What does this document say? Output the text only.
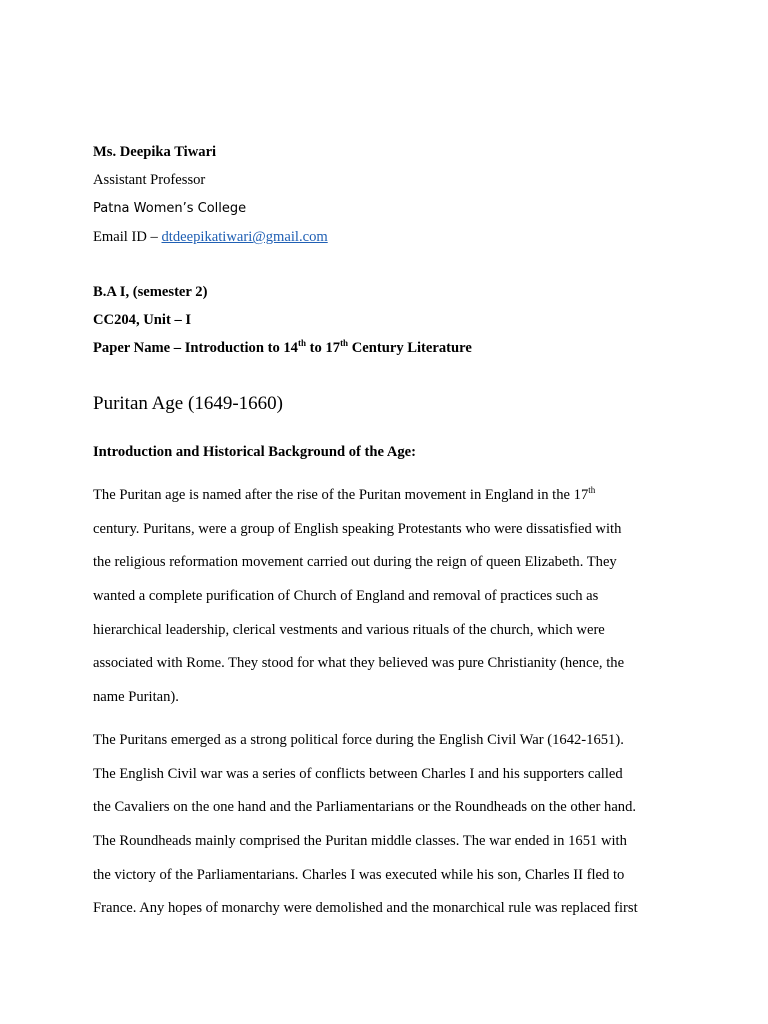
Ms. Deepika Tiwari
Assistant Professor
Patna Women’s College
Email ID – dtdeepikatiwari@gmail.com
B.A I, (semester 2)
CC204, Unit – I
Paper Name – Introduction to 14th to 17th Century Literature
Puritan Age (1649-1660)
Introduction and Historical Background of the Age:
The Puritan age is named after the rise of the Puritan movement in England in the 17th
century. Puritans, were a group of English speaking Protestants who were dissatisfied with
the religious reformation movement carried out during the reign of queen Elizabeth. They
wanted a complete purification of Church of England and removal of practices such as
hierarchical leadership, clerical vestments and various rituals of the church, which were
associated with Rome. They stood for what they believed was pure Christianity (hence, the
name Puritan).
The Puritans emerged as a strong political force during the English Civil War (1642-1651).
The English Civil war was a series of conflicts between Charles I and his supporters called
the Cavaliers on the one hand and the Parliamentarians or the Roundheads on the other hand.
The Roundheads mainly comprised the Puritan middle classes. The war ended in 1651 with
the victory of the Parliamentarians. Charles I was executed while his son, Charles II fled to
France. Any hopes of monarchy were demolished and the monarchical rule was replaced first
